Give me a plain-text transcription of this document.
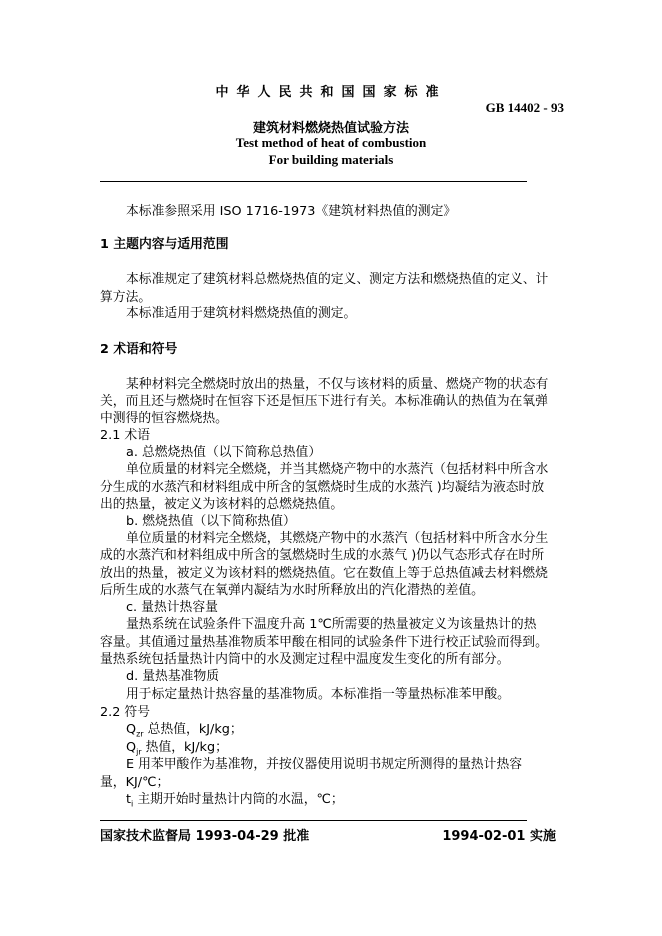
中华人民共和国国家标准
GB 14402 - 93
建筑材料燃烧热值试验方法
Test method of heat of combustion
For building materials
本标准参照采用 ISO 1716-1973《建筑材料热值的测定》
1 主题内容与适用范围
本标准规定了建筑材料总燃烧热值的定义、测定方法和燃烧热值的定义、计
算方法。
本标准适用于建筑材料燃烧热值的测定。
2 术语和符号
某种材料完全燃烧时放出的热量，不仅与该材料的质量、燃烧产物的状态有
关，而且还与燃烧时在恒容下还是恒压下进行有关。本标准确认的热值为在氧弹
中测得的恒容燃烧热。
2.1 术语
a. 总燃烧热值（以下简称总热值）
单位质量的材料完全燃烧，并当其燃烧产物中的水蒸汽（包括材料中所含水
分生成的水蒸汽和材料组成中所含的氢燃烧时生成的水蒸汽 )均凝结为液态时放
出的热量，被定义为该材料的总燃烧热值。
b. 燃烧热值（以下简称热值）
单位质量的材料完全燃烧，其燃烧产物中的水蒸汽（包括材料中所含水分生
成的水蒸汽和材料组成中所含的氢燃烧时生成的水蒸气 )仍以气态形式存在时所
放出的热量，被定义为该材料的燃烧热值。它在数值上等于总热值减去材料燃烧
后所生成的水蒸气在氧弹内凝结为水时所释放出的汽化潜热的差值。
c. 量热计热容量
量热系统在试验条件下温度升高 1℃所需要的热量被定义为该量热计的热
容量。其值通过量热基准物质苯甲酸在相同的试验条件下进行校正试验而得到。
量热系统包括量热计内筒中的水及测定过程中温度发生变化的所有部分。
d. 量热基准物质
用于标定量热计热容量的基准物质。本标准指一等量热标准苯甲酸。
2.2 符号
$Q_{zr}$ 总热值，kJ/kg；
$Q_{jr}$ 热值，kJ/kg；
E 用苯甲酸作为基准物，并按仪器使用说明书规定所测得的量热计热容
量，KJ/℃；
$t_i$ 主期开始时量热计内筒的水温，℃；
国家技术监督局 1993-04-29 批准	1994-02-01 实施
